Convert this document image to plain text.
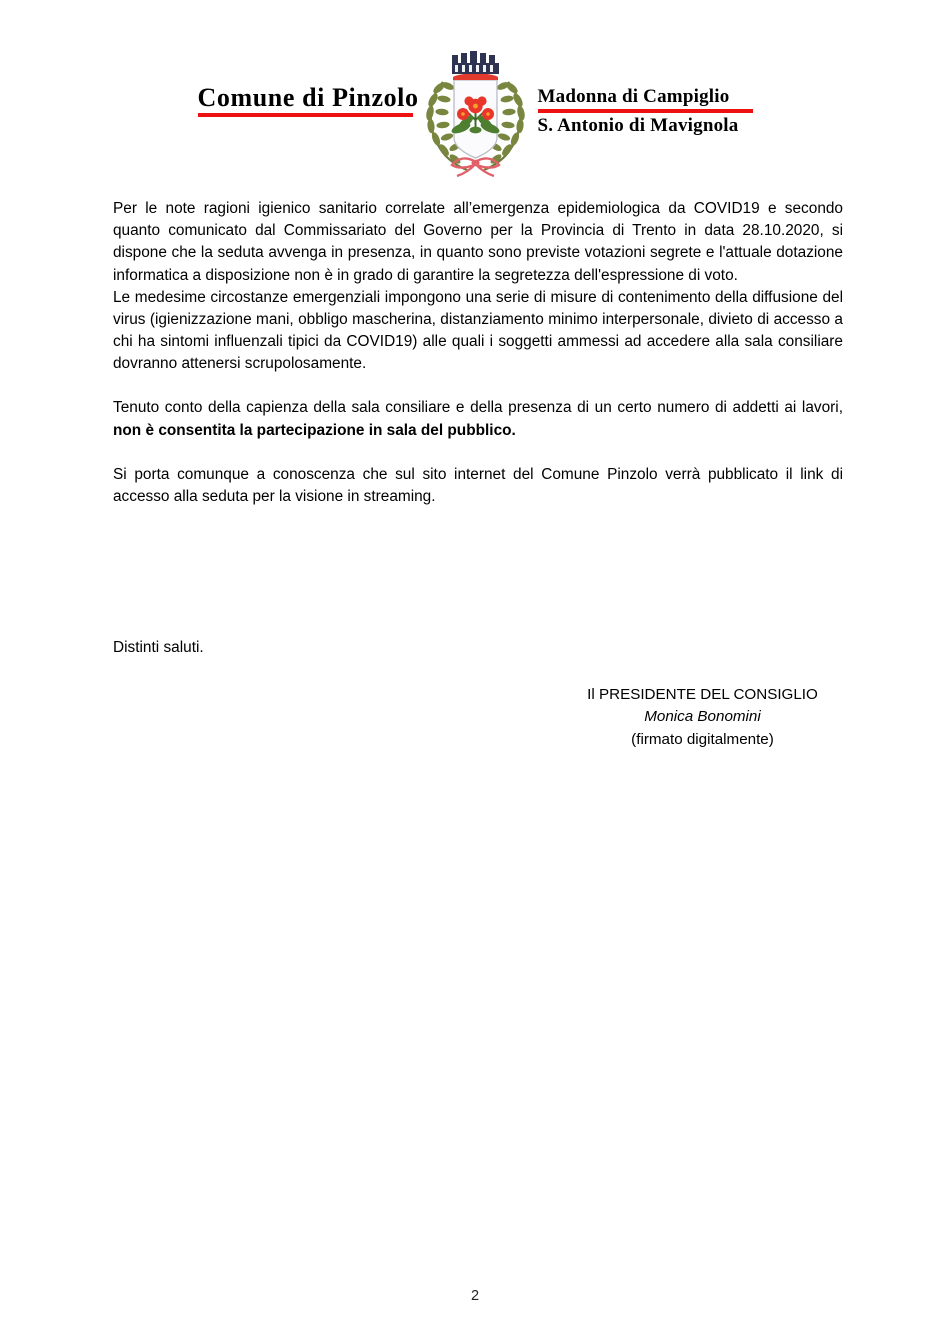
Comune di Pinzolo	Madonna di Campiglio
S. Antonio di Mavignola

Per le note ragioni igienico sanitario correlate all’emergenza epidemiologica da COVID19 e secondo quanto comunicato dal Commissariato del Governo per la Provincia di Trento in data 28.10.2020, si dispone che la seduta avvenga in presenza, in quanto sono previste votazioni segrete e l'attuale dotazione informatica a disposizione non è in grado di garantire la segretezza dell'espressione di voto.

Le medesime circostanze emergenziali impongono una serie di misure di contenimento della diffusione del virus (igienizzazione mani, obbligo mascherina, distanziamento minimo interpersonale, divieto di accesso a chi ha sintomi influenzali tipici da COVID19) alle quali i soggetti ammessi ad accedere alla sala consiliare dovranno attenersi scrupolosamente.

Tenuto conto della capienza della sala consiliare e della presenza di un certo numero di addetti ai lavori, non è consentita la partecipazione in sala del pubblico.

Si porta comunque a conoscenza che sul sito internet del Comune Pinzolo verrà pubblicato il link di accesso alla seduta per la visione in streaming.

Distinti saluti.
Il PRESIDENTE DEL CONSIGLIO
Monica Bonomini
(firmato digitalmente)
2
